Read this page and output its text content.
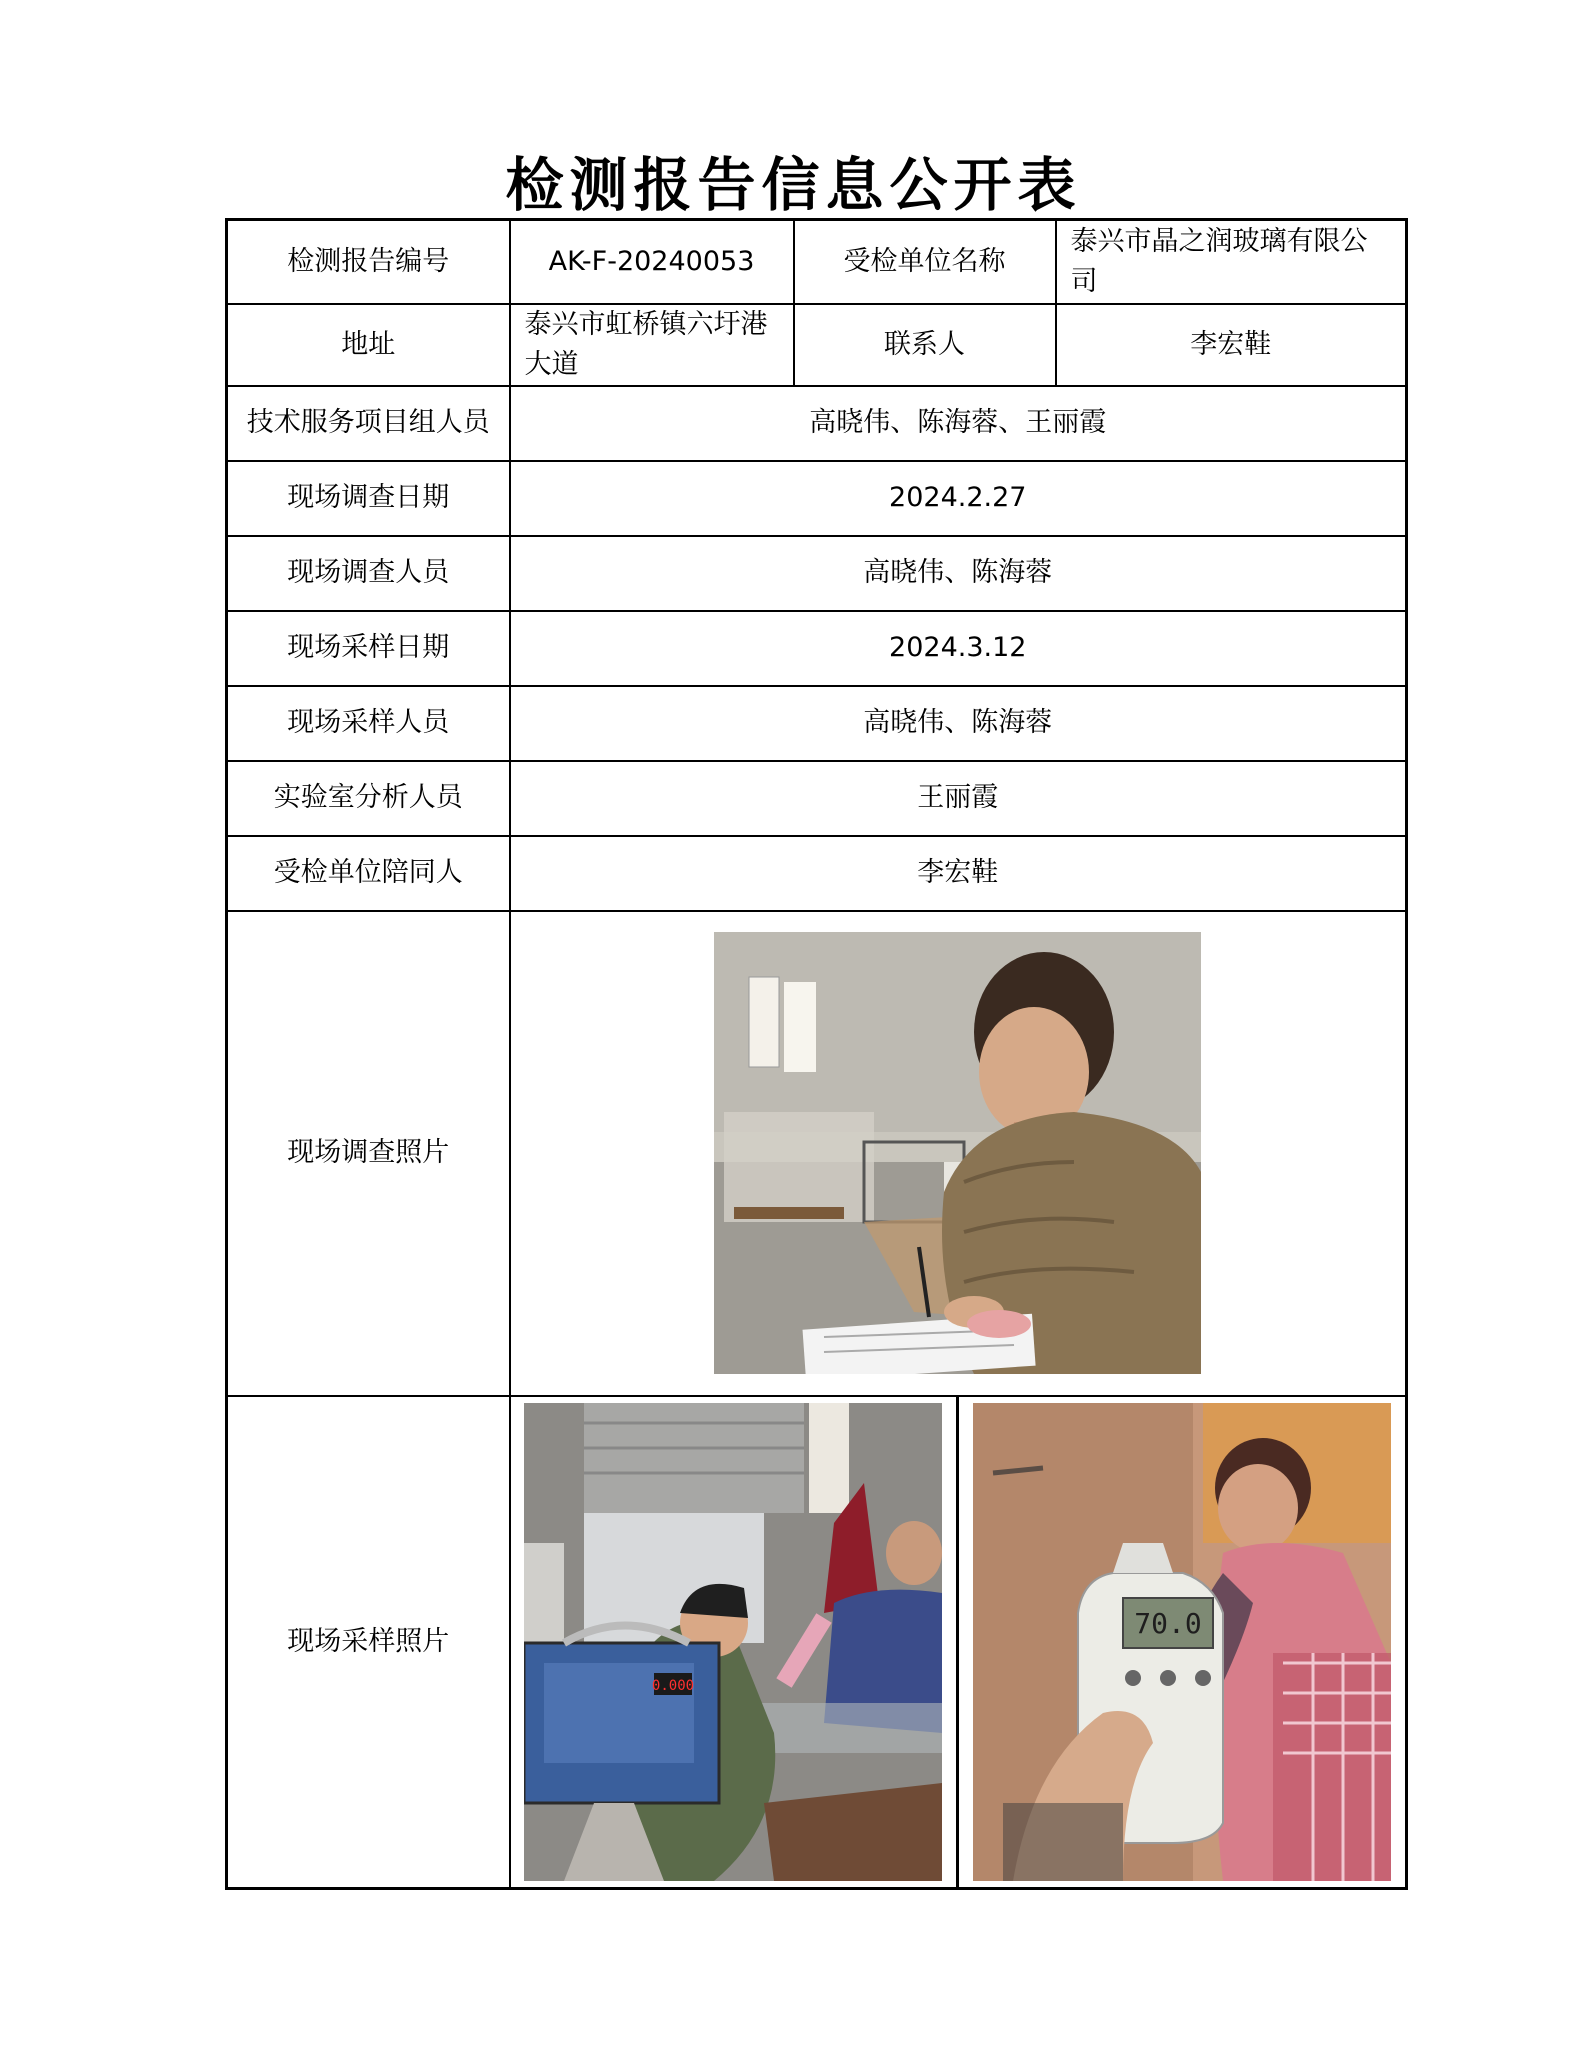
检测报告信息公开表
检测报告编号	AK-F-20240053	受检单位名称	泰兴市晶之润玻璃有限公司
地址	泰兴市虹桥镇六圩港大道	联系人	李宏鞋
技术服务项目组人员	高晓伟、陈海蓉、王丽霞		
现场调查日期	2024.2.27		
现场调查人员	高晓伟、陈海蓉		
现场采样日期	2024.3.12		
现场采样人员	高晓伟、陈海蓉		
实验室分析人员	王丽霞		
受检单位陪同人	李宏鞋		
现场调查照片	

现场采样照片	0.000
70.0		
